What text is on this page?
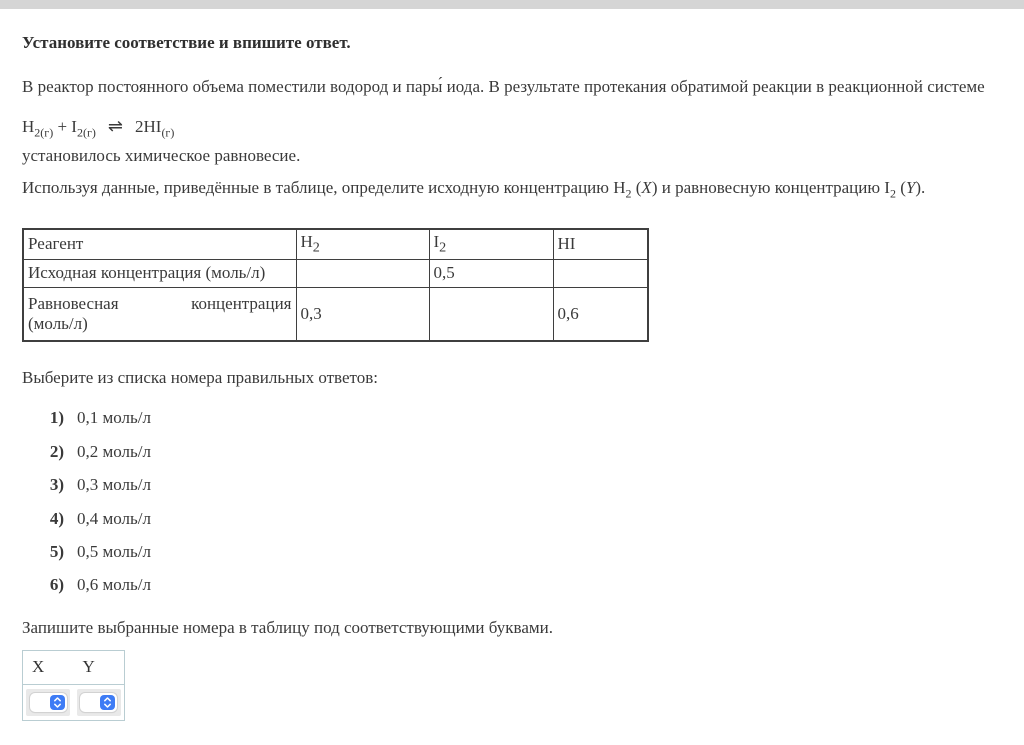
Установите соответствие и впишите ответ.

В реактор постоянного объема поместили водород и пары́ иода. В результате протекания обратимой реакции в реакционной системе

$H_{2(г)} + I_{2(г)}$ ⇌ $2HI_{(г)}$

установилось химическое равновесие.

Используя данные, приведённые в таблице, определите исходную концентрацию $H_2$ (X) и равновесную концентрацию $I_2$ (Y).

Реагент	$H_2$	$I_2$	HI
Исходная концентрация (моль/л)		0,5	

Равновесная концентрация
(моль/л)	0,3		0,6

Выберите из списка номера правильных ответов:

1) 0,1 моль/л
2) 0,2 моль/л
3) 0,3 моль/л
4) 0,4 моль/л
5) 0,5 моль/л
6) 0,6 моль/л

Запишите выбранные номера в таблицу под соответствующими буквами.

X	Y
